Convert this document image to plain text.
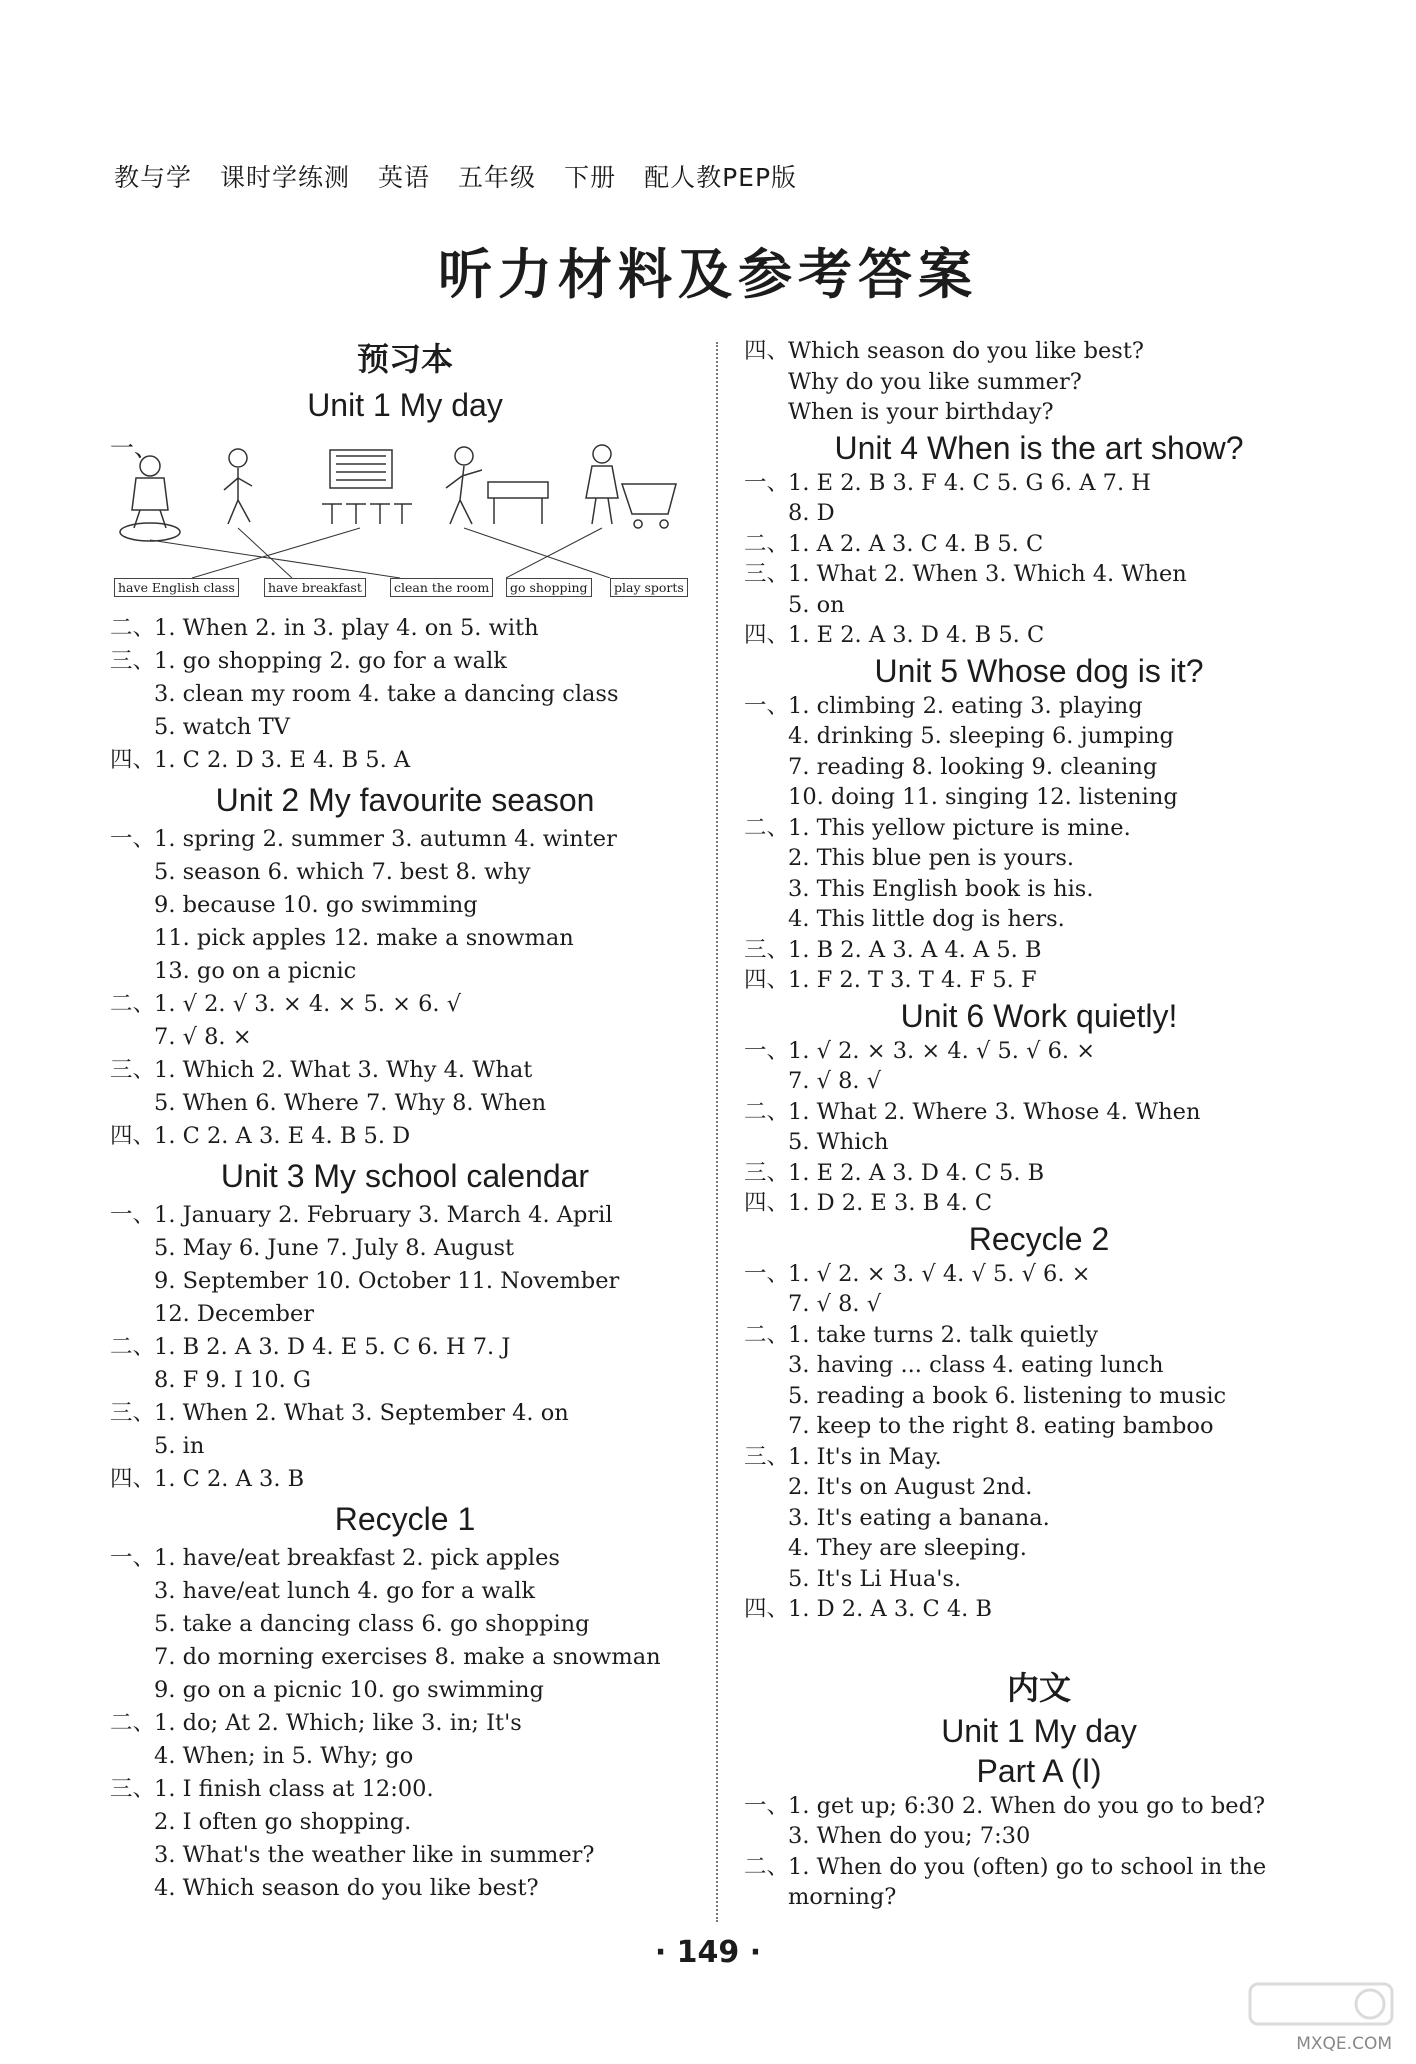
教与学 课时学练测 英语 五年级 下册 配人教PEP版
听力材料及参考答案
预习本
Unit 1 My day
一、
have English class	have breakfast	clean the room	go shopping	play sports
二、1. When 2. in 3. play 4. on 5. with
三、1. go shopping 2. go for a walk
3. clean my room 4. take a dancing class
5. watch TV
四、1. C 2. D 3. E 4. B 5. A
Unit 2 My favourite season
一、1. spring 2. summer 3. autumn 4. winter
5. season 6. which 7. best 8. why
9. because 10. go swimming
11. pick apples 12. make a snowman
13. go on a picnic
二、1. √ 2. √ 3. × 4. × 5. × 6. √
7. √ 8. ×
三、1. Which 2. What 3. Why 4. What
5. When 6. Where 7. Why 8. When
四、1. C 2. A 3. E 4. B 5. D
Unit 3 My school calendar
一、1. January 2. February 3. March 4. April
5. May 6. June 7. July 8. August
9. September 10. October 11. November
12. December
二、1. B 2. A 3. D 4. E 5. C 6. H 7. J
8. F 9. I 10. G
三、1. When 2. What 3. September 4. on
5. in
四、1. C 2. A 3. B
Recycle 1
一、1. have/eat breakfast 2. pick apples
3. have/eat lunch 4. go for a walk
5. take a dancing class 6. go shopping
7. do morning exercises 8. make a snowman
9. go on a picnic 10. go swimming
二、1. do; At 2. Which; like 3. in; It's
4. When; in 5. Why; go
三、1. I finish class at 12:00.
2. I often go shopping.
3. What's the weather like in summer?
4. Which season do you like best?
四、Which season do you like best?
Why do you like summer?
When is your birthday?
Unit 4 When is the art show?
一、1. E 2. B 3. F 4. C 5. G 6. A 7. H
8. D
二、1. A 2. A 3. C 4. B 5. C
三、1. What 2. When 3. Which 4. When
5. on
四、1. E 2. A 3. D 4. B 5. C
Unit 5 Whose dog is it?
一、1. climbing 2. eating 3. playing
4. drinking 5. sleeping 6. jumping
7. reading 8. looking 9. cleaning
10. doing 11. singing 12. listening
二、1. This yellow picture is mine.
2. This blue pen is yours.
3. This English book is his.
4. This little dog is hers.
三、1. B 2. A 3. A 4. A 5. B
四、1. F 2. T 3. T 4. F 5. F
Unit 6 Work quietly!
一、1. √ 2. × 3. × 4. √ 5. √ 6. ×
7. √ 8. √
二、1. What 2. Where 3. Whose 4. When
5. Which
三、1. E 2. A 3. D 4. C 5. B
四、1. D 2. E 3. B 4. C
Recycle 2
一、1. √ 2. × 3. √ 4. √ 5. √ 6. ×
7. √ 8. √
二、1. take turns 2. talk quietly
3. having ... class 4. eating lunch
5. reading a book 6. listening to music
7. keep to the right 8. eating bamboo
三、1. It's in May.
2. It's on August 2nd.
3. It's eating a banana.
4. They are sleeping.
5. It's Li Hua's.
四、1. D 2. A 3. C 4. B
内文
Unit 1 My day
Part A (Ⅰ)
一、1. get up; 6:30 2. When do you go to bed?
3. When do you; 7:30
二、1. When do you (often) go to school in the
morning?
· 149 ·
MXQE.COM
